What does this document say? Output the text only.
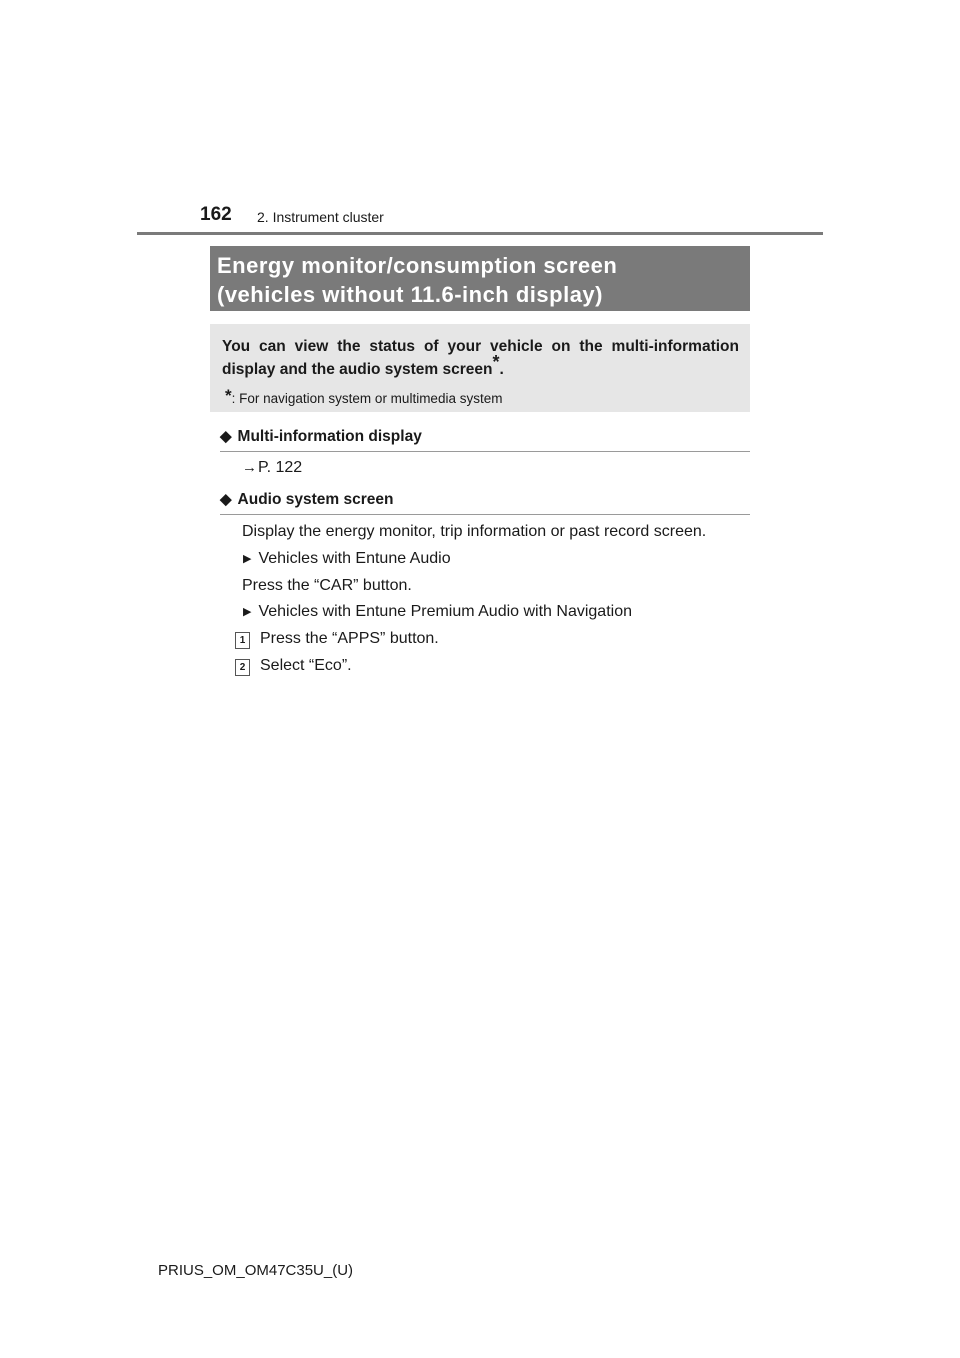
162 2. Instrument cluster
Energy monitor/consumption screen
(vehicles without 11.6-inch display)
You can view the status of your vehicle on the multi-information display and the audio system screen*.
*: For navigation system or multimedia system
◆ Multi-information display
→P. 122
◆ Audio system screen
Display the energy monitor, trip information or past record screen.
▶ Vehicles with Entune Audio
Press the “CAR” button.
▶ Vehicles with Entune Premium Audio with Navigation
1 Press the “APPS” button.
2 Select “Eco”.
PRIUS_OM_OM47C35U_(U)
